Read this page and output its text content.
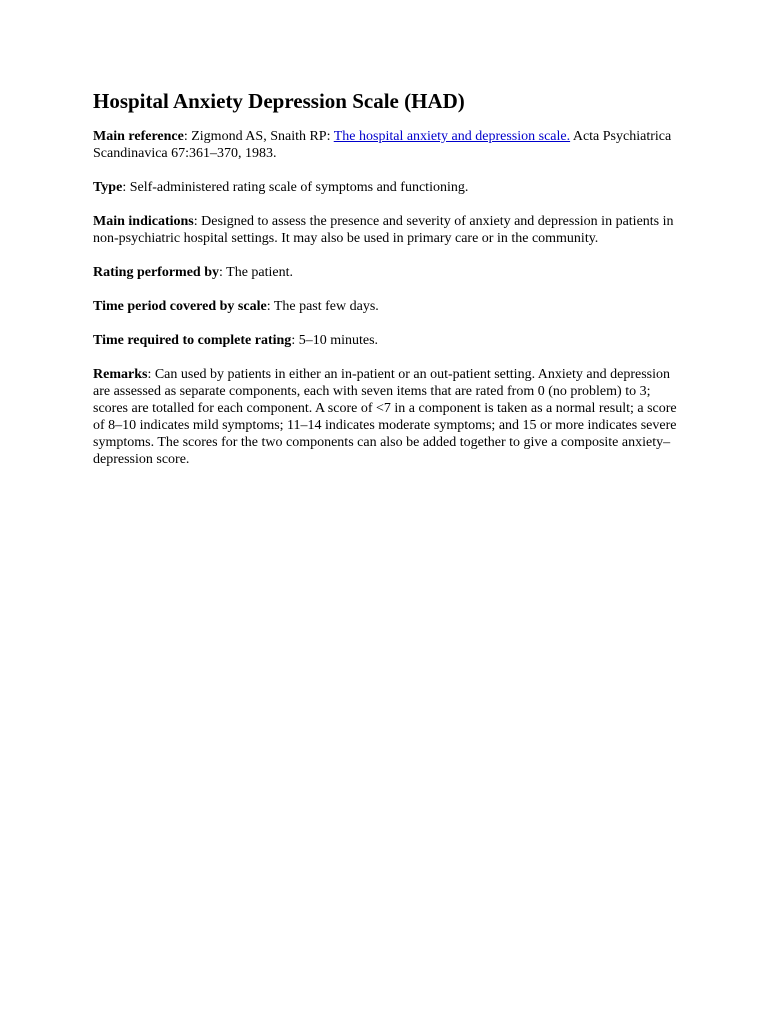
Hospital Anxiety Depression Scale (HAD)

Main reference: Zigmond AS, Snaith RP: The hospital anxiety and depression scale. Acta Psychiatrica Scandinavica 67:361–370, 1983.

Type: Self-administered rating scale of symptoms and functioning.

Main indications: Designed to assess the presence and severity of anxiety and depression in patients in non-psychiatric hospital settings. It may also be used in primary care or in the community.

Rating performed by: The patient.

Time period covered by scale: The past few days.

Time required to complete rating: 5–10 minutes.

Remarks: Can used by patients in either an in-patient or an out-patient setting. Anxiety and depression are assessed as separate components, each with seven items that are rated from 0 (no problem) to 3; scores are totalled for each component. A score of <7 in a component is taken as a normal result; a score of 8–10 indicates mild symptoms; 11–14 indicates moderate symptoms; and 15 or more indicates severe symptoms. The scores for the two components can also be added together to give a composite anxiety–depression score.
